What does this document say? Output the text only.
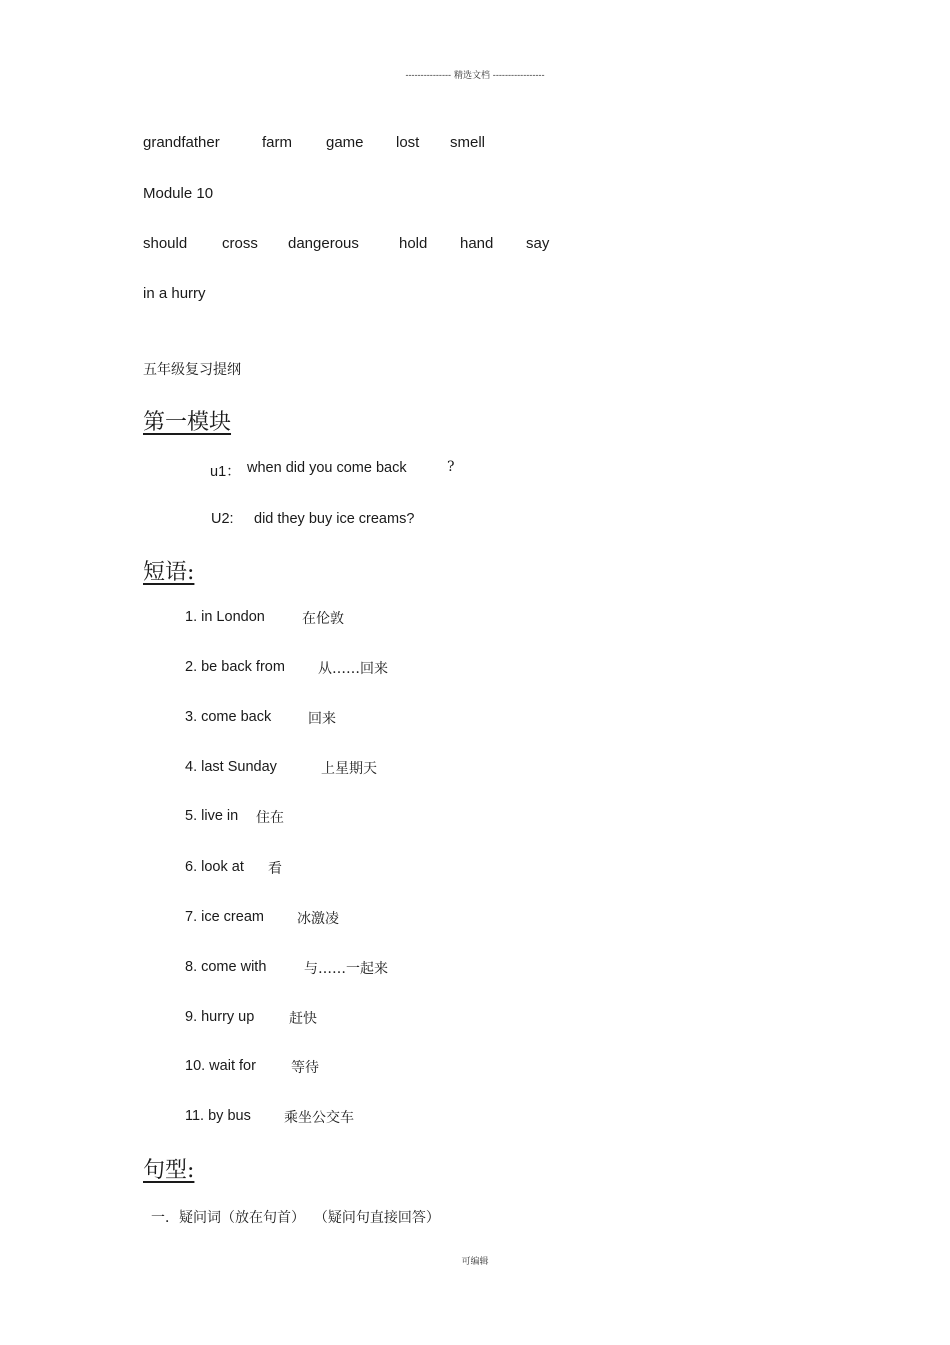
--------------- 精选文档 -----------------
grandfather	farm game lost smell
Module 10
should cross dangerous	hold hand say
in a hurry
五年级复习提纲
第一模块
u1： when did you come back	?
U2: did they buy ice creams?
短语:
1. in London	在伦敦
2. be back from 从……回来
3. come back	回来
4. last Sunday	上星期天
5. live in 住在
6. look at 看
7. ice cream 冰激凌
8. come with	与……一起来
9. hurry up 赶快
10. wait for	等待
11. by bus 乘坐公交车
句型:
一．疑问词（放在句首）  （疑问句直接回答）
可编辑
